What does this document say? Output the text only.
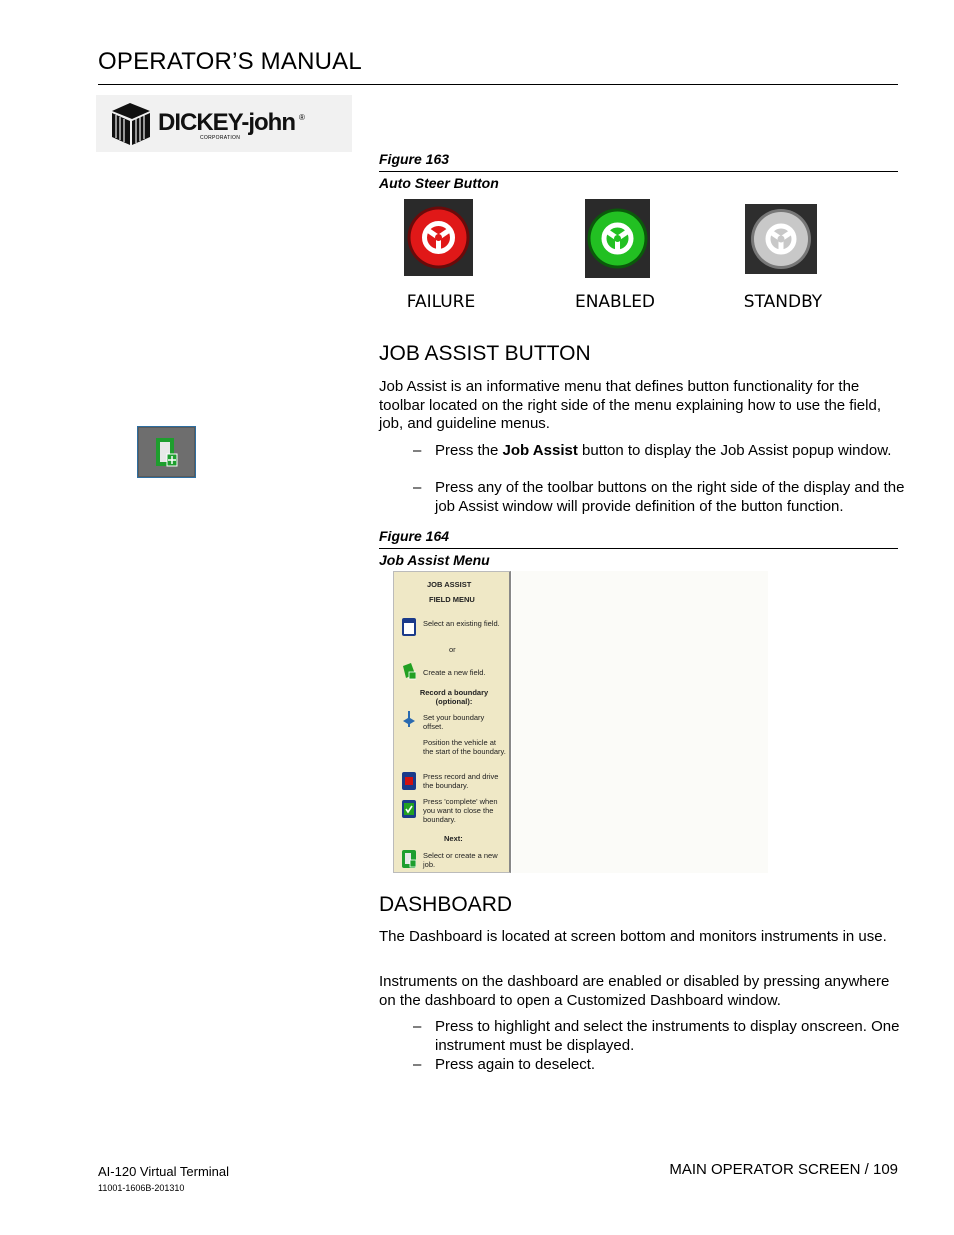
OPERATOR’S MANUAL
DICKEY-john ®
CORPORATION
Figure 163
Auto Steer Button
FAILURE	ENABLED	STANDBY
JOB ASSIST BUTTON

Job Assist is an informative menu that defines button functionality for the toolbar located on the right side of the menu explaining how to use the field, job, and guideline menus.

– Press the Job Assist button to display the Job Assist popup window.
– Press any of the toolbar buttons on the right side of the display and the job Assist window will provide definition of the button function.
Figure 164
Job Assist Menu
JOB ASSIST
FIELD MENU
Select an existing field.
or
Create a new field.
Record a boundary (optional):
Set your boundary offset.
Position the vehicle at the start of the boundary.
Press record and drive the boundary.
Press 'complete' when you want to close the boundary.
Next:
Select or create a new job.
DASHBOARD

The Dashboard is located at screen bottom and monitors instruments in use.

Instruments on the dashboard are enabled or disabled by pressing anywhere on the dashboard to open a Customized Dashboard window.

– Press to highlight and select the instruments to display onscreen. One instrument must be displayed.
– Press again to deselect.
AI-120 Virtual Terminal
11001-1606B-201310
MAIN OPERATOR SCREEN / 109
